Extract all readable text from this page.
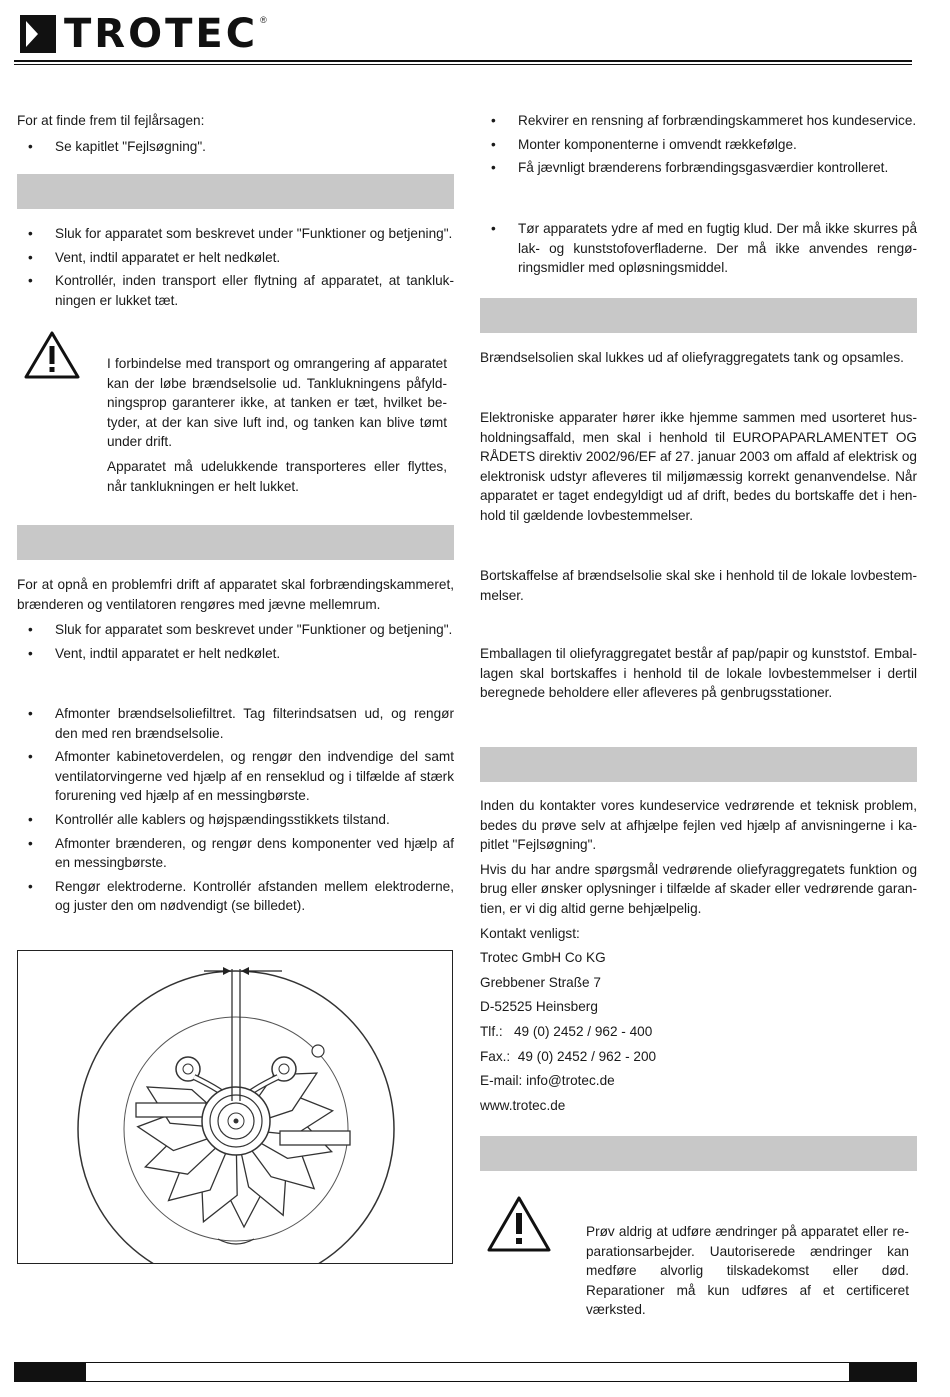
TROTEC ®

For at finde frem til fejlårsagen:

• Se kapitlet "Fejlsøgning".
• Sluk for apparatet som beskrevet under "Funktioner og betjening".
• Vent, indtil apparatet er helt nedkølet.
• Kontrollér, inden transport eller flytning af apparatet, at tanklukningen er lukket tæt.

I forbindelse med transport og omrangering af apparatet kan der løbe brændselsolie ud. Tanklukningens påfyldningsprop garanterer ikke, at tanken er tæt, hvilket betyder, at der kan sive luft ind, og tanken kan blive tømt under drift.

Apparatet må udelukkende transporteres eller flyttes, når tanklukningen er helt lukket.

For at opnå en problemfri drift af apparatet skal forbrændingskammeret, brænderen og ventilatoren rengøres med jævne mellemrum.

• Sluk for apparatet som beskrevet under "Funktioner og betjening".
• Vent, indtil apparatet er helt nedkølet.
• Afmonter brændselsoliefiltret. Tag filterindsatsen ud, og rengør den med ren brændselsolie.
• Afmonter kabinetoverdelen, og rengør den indvendige del samt ventilatorvingerne ved hjælp af en renseklud og i tilfælde af stærk forurening ved hjælp af en messingbørste.
• Kontrollér alle kablers og højspændingsstikkets tilstand.
• Afmonter brænderen, og rengør dens komponenter ved hjælp af en messingbørste.
• Rengør elektroderne. Kontrollér afstanden mellem elektroderne, og juster den om nødvendigt (se billedet).
• Rekvirer en rensning af forbrændingskammeret hos kundeservice.
• Monter komponenterne i omvendt rækkefølge.
• Få jævnligt brænderens forbrændingsgasværdier kontrolleret.
• Tør apparatets ydre af med en fugtig klud. Der må ikke skurres på lak- og kunststofoverfladerne. Der må ikke anvendes rengøringsmidler med opløsningsmiddel.

Brændselsolien skal lukkes ud af oliefyraggregatets tank og opsamles.

Elektroniske apparater hører ikke hjemme sammen med usorteret husholdningsaffald, men skal i henhold til EUROPAPARLAMENTET OG RÅDETS direktiv 2002/96/EF af 27. januar 2003 om affald af elektrisk og elektronisk udstyr afleveres til miljømæssig korrekt genanvendelse. Når apparatet er taget endegyldigt ud af drift, bedes du bortskaffe det i henhold til gældende lovbestemmelser.

Bortskaffelse af brændselsolie skal ske i henhold til de lokale lovbestemmelser.

Emballagen til oliefyraggregatet består af pap/papir og kunststof. Emballagen skal bortskaffes i henhold til de lokale lovbestemmelser i dertil beregnede beholdere eller afleveres på genbrugsstationer.

Inden du kontakter vores kundeservice vedrørende et teknisk problem, bedes du prøve selv at afhjælpe fejlen ved hjælp af anvisningerne i kapitlet "Fejlsøgning".

Hvis du har andre spørgsmål vedrørende oliefyraggregatets funktion og brug eller ønsker oplysninger i tilfælde af skader eller vedrørende garantien, er vi dig altid gerne behjælpelig.

Kontakt venligst:

Trotec GmbH Co KG

Grebbener Straße 7

D-52525 Heinsberg

Tlf.:   49 (0) 2452 / 962 - 400

Fax.:  49 (0) 2452 / 962 - 200

E-mail: info@trotec.de

www.trotec.de

Prøv aldrig at udføre ændringer på apparatet eller reparationsarbejder. Uautoriserede ændringer kan medføre alvorlig tilskadekomst eller død. Reparationer må kun udføres af et certificeret værksted.
